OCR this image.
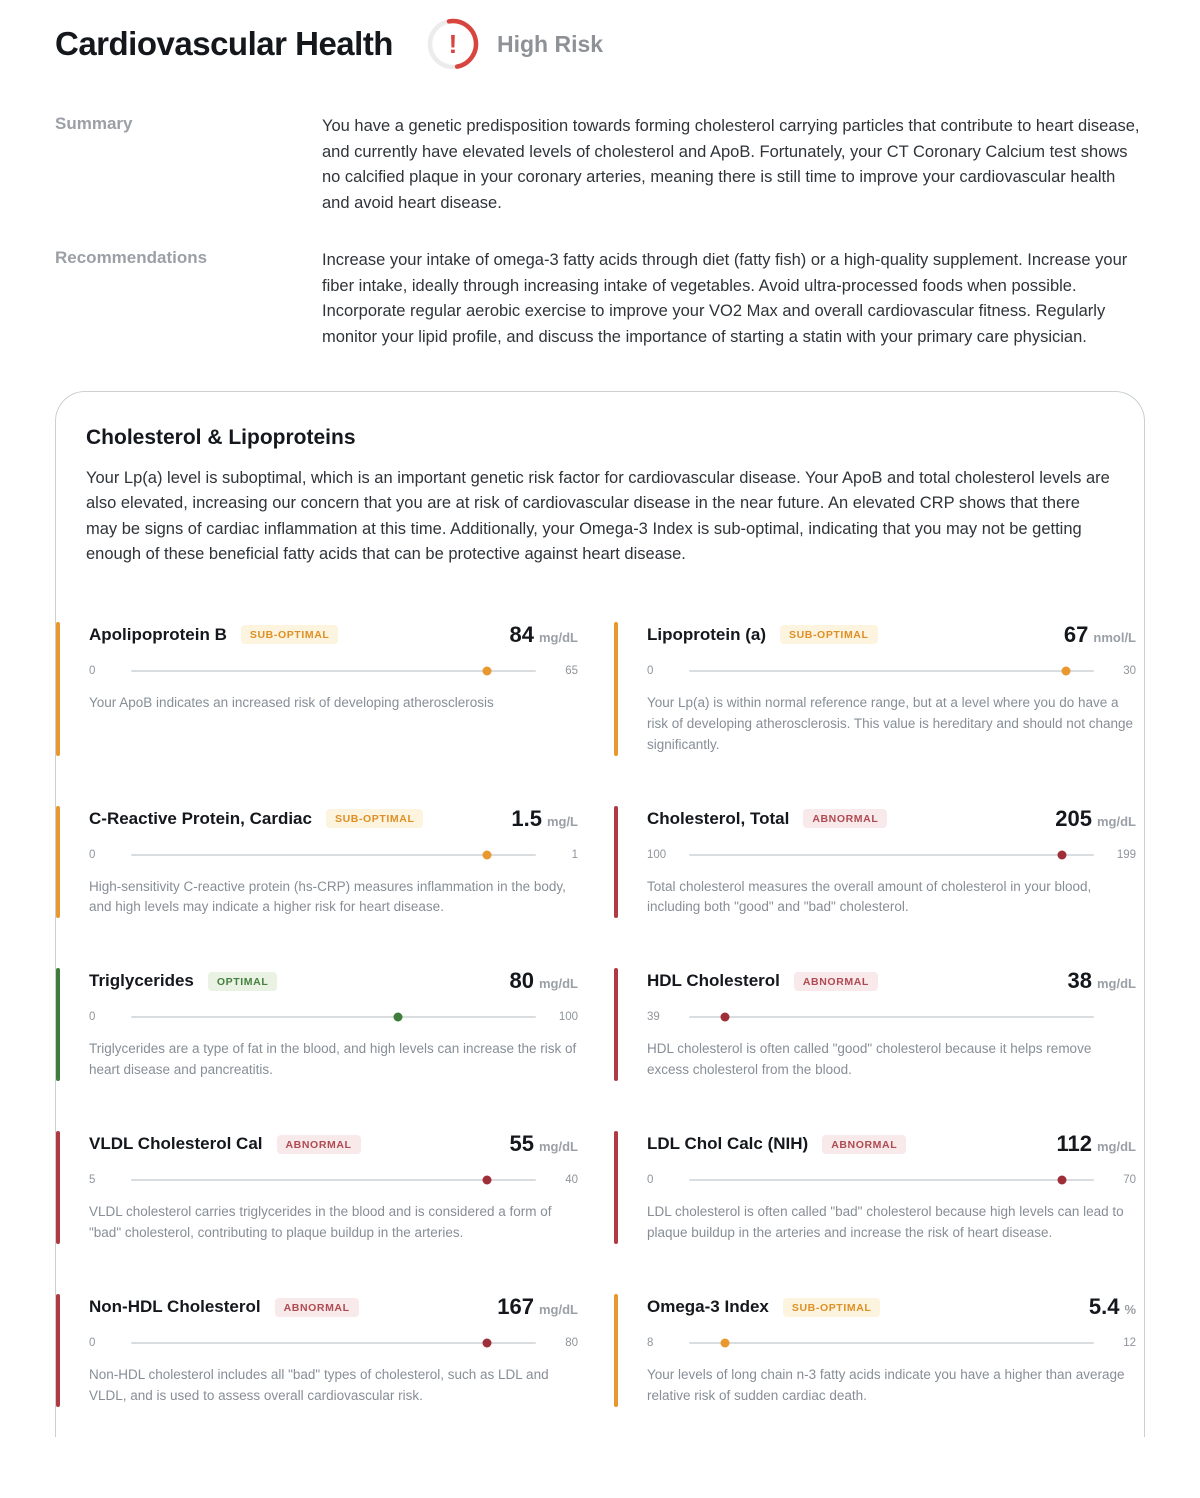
Cardiovascular Health ! High Risk
Summary	You have a genetic predisposition towards forming cholesterol carrying particles that contribute to heart disease, and currently have elevated levels of cholesterol and ApoB. Fortunately, your CT Coronary Calcium test shows no calcified plaque in your coronary arteries, meaning there is still time to improve your cardiovascular health and avoid heart disease.
Recommendations	Increase your intake of omega-3 fatty acids through diet (fatty fish) or a high-quality supplement. Increase your fiber intake, ideally through increasing intake of vegetables. Avoid ultra-processed foods when possible. Incorporate regular aerobic exercise to improve your VO2 Max and overall cardiovascular fitness. Regularly monitor your lipid profile, and discuss the importance of starting a statin with your primary care physician.
Cholesterol & Lipoproteins

Your Lp(a) level is suboptimal, which is an important genetic risk factor for cardiovascular disease. Your ApoB and total cholesterol levels are also elevated, increasing our concern that you are at risk of cardiovascular disease in the near future. An elevated CRP shows that there may be signs of cardiac inflammation at this time. Additionally, your Omega-3 Index is sub-optimal, indicating that you may not be getting enough of these beneficial fatty acids that can be protective against heart disease.

Apolipoprotein B	SUB-OPTIMAL	84 mg/dL
0	65

Your ApoB indicates an increased risk of developing atherosclerosis

Lipoprotein (a)	SUB-OPTIMAL	67 nmol/L
0	30

Your Lp(a) is within normal reference range, but at a level where you do have a risk of developing atherosclerosis. This value is hereditary and should not change significantly.

C-Reactive Protein, Cardiac	SUB-OPTIMAL	1.5 mg/L
0	1

High-sensitivity C-reactive protein (hs-CRP) measures inflammation in the body, and high levels may indicate a higher risk for heart disease.

Cholesterol, Total	ABNORMAL	205 mg/dL
100	199

Total cholesterol measures the overall amount of cholesterol in your blood, including both "good" and "bad" cholesterol.

Triglycerides	OPTIMAL	80 mg/dL
0	100

Triglycerides are a type of fat in the blood, and high levels can increase the risk of heart disease and pancreatitis.

HDL Cholesterol	ABNORMAL	38 mg/dL
39

HDL cholesterol is often called "good" cholesterol because it helps remove excess cholesterol from the blood.

VLDL Cholesterol Cal	ABNORMAL	55 mg/dL
5	40

VLDL cholesterol carries triglycerides in the blood and is considered a form of "bad" cholesterol, contributing to plaque buildup in the arteries.

LDL Chol Calc (NIH)	ABNORMAL	112 mg/dL
0	70

LDL cholesterol is often called "bad" cholesterol because high levels can lead to plaque buildup in the arteries and increase the risk of heart disease.

Non-HDL Cholesterol	ABNORMAL	167 mg/dL
0	80

Non-HDL cholesterol includes all "bad" types of cholesterol, such as LDL and VLDL, and is used to assess overall cardiovascular risk.

Omega-3 Index	SUB-OPTIMAL	5.4 %
8	12

Your levels of long chain n-3 fatty acids indicate you have a higher than average relative risk of sudden cardiac death.
